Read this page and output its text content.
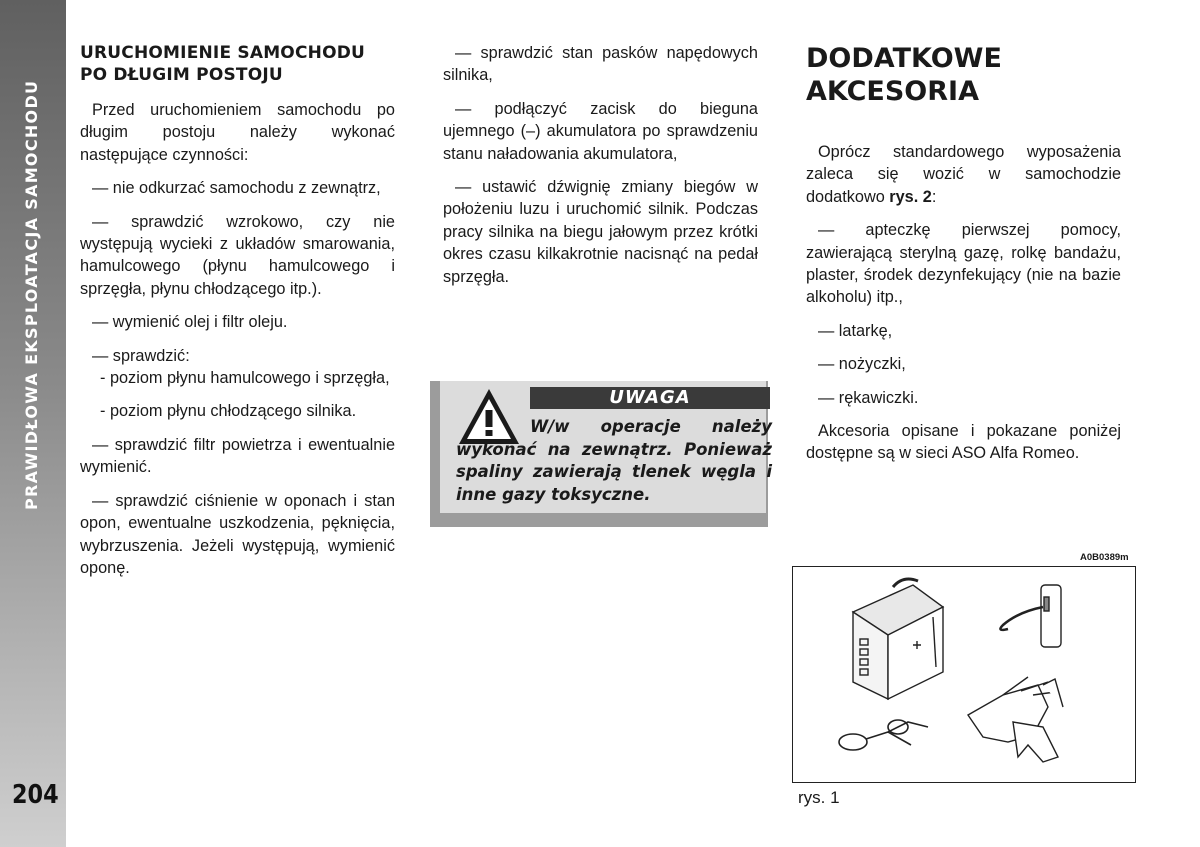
PRAWIDŁOWA EKSPLOATACJA SAMOCHODU
204
URUCHOMIENIE SAMOCHODU
PO DŁUGIM POSTOJU

Przed uruchomieniem samochodu po długim postoju należy wykonać następujące czynności:

— nie odkurzać samochodu z zewnątrz,

— sprawdzić wzrokowo, czy nie występują wycieki z układów smarowania, hamulcowego (płynu hamulcowego i sprzęgła, płynu chłodzącego itp.).

— wymienić olej i filtr oleju.

— sprawdzić:

- poziom płynu hamulcowego i sprzęgła,

- poziom płynu chłodzącego silnika.

— sprawdzić filtr powietrza i ewentualnie wymienić.

— sprawdzić ciśnienie w oponach i stan opon, ewentualne uszkodzenia, pęknięcia, wybrzuszenia. Jeżeli występują, wymienić oponę.

— sprawdzić stan pasków napędowych silnika,

— podłączyć zacisk do bieguna ujemnego (–) akumulatora po sprawdzeniu stanu naładowania akumulatora,

— ustawić dźwignię zmiany biegów w położeniu luzu i uruchomić silnik. Podczas pracy silnika na biegu jałowym przez krótki okres czasu kilkakrotnie nacisnąć na pedał sprzęgła.

UWAGA
W/w operacje należy wykonać na zewnątrz. Ponieważ spaliny zawierają tlenek węgla i inne gazy toksyczne.
DODATKOWE
AKCESORIA

Oprócz standardowego wyposażenia zaleca się wozić w samochodzie dodatkowo rys. 2:

— apteczkę pierwszej pomocy, zawierającą sterylną gazę, rolkę bandażu, plaster, środek dezynfekujący (nie na bazie alkoholu) itp.,

— latarkę,

— nożyczki,

— rękawiczki.

Akcesoria opisane i pokazane poniżej dostępne są w sieci ASO Alfa Romeo.

A0B0389m
rys. 1
